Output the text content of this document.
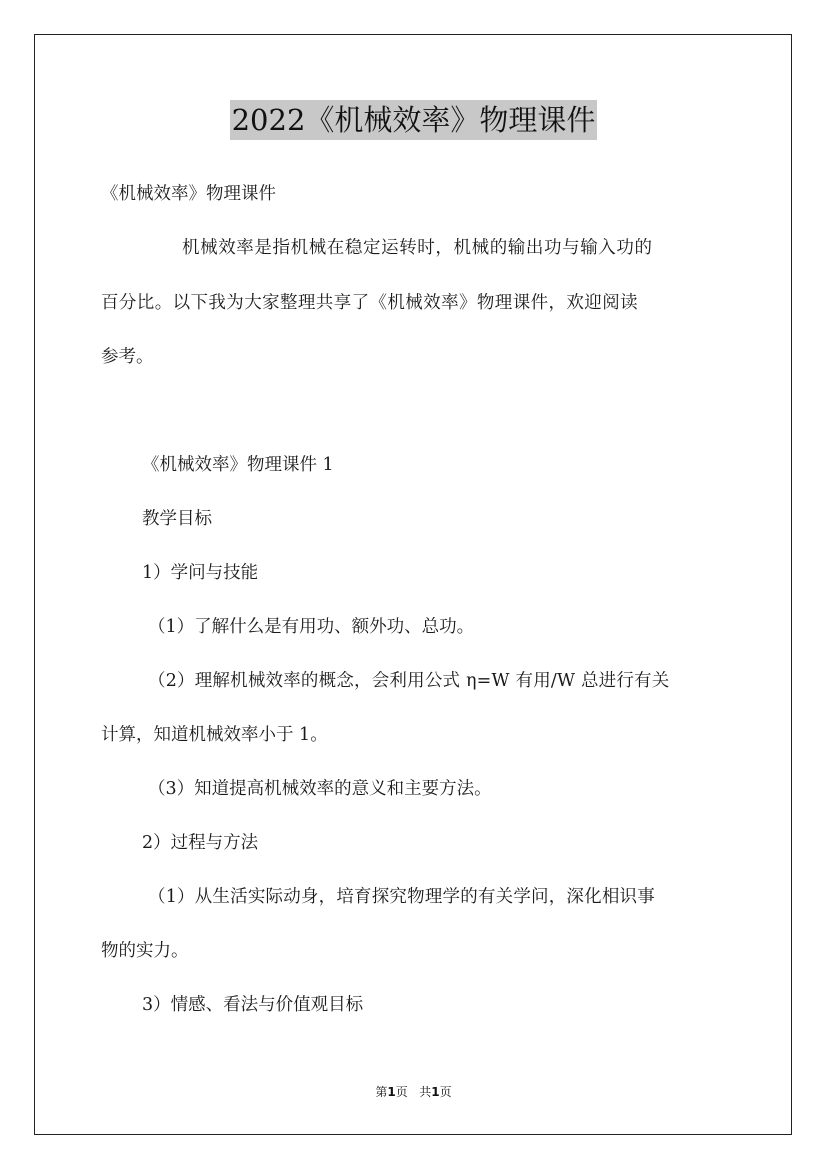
2022《机械效率》物理课件
《机械效率》物理课件
机械效率是指机械在稳定运转时，机械的输出功与输入功的
百分比。以下我为大家整理共享了《机械效率》物理课件，欢迎阅读
参考。
《机械效率》物理课件 1
教学目标
1）学问与技能
（1）了解什么是有用功、额外功、总功。
（2）理解机械效率的概念，会利用公式 η=W 有用/W 总进行有关
计算，知道机械效率小于 1。
（3）知道提高机械效率的意义和主要方法。
2）过程与方法
（1）从生活实际动身，培育探究物理学的有关学问，深化相识事
物的实力。
3）情感、看法与价值观目标
第1页 共1页
